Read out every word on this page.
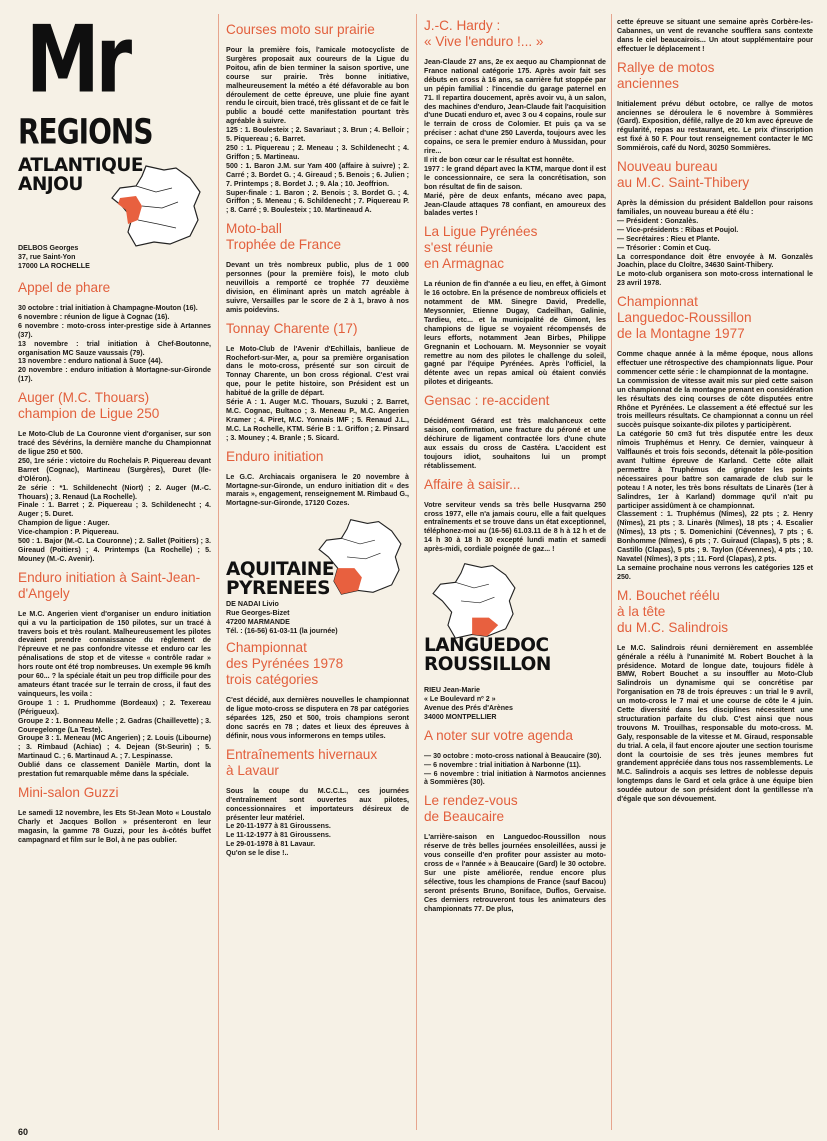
Mr
REGIONS
ATLANTIQUE
ANJOU
DELBOS Georges
37, rue Saint-Yon
17000 LA ROCHELLE
Appel de phare
30 octobre : trial initiation à Champagne-Mouton (16).
6 novembre : réunion de ligue à Cognac (16).
6 novembre : moto-cross inter-prestige side à Artannes (37).
13 novembre : trial initiation à Chef-Boutonne, organisation MC Sauze vaussais (79).
13 novembre : enduro national à Suce (44).
20 novembre : enduro initiation à Mortagne-sur-Gironde (17).
Auger (M.C. Thouars) champion de Ligue 250
Le Moto-Club de La Couronne vient d'organiser, sur son tracé des Sévérins, la dernière manche du Championnat de ligue 250 et 500.
250, 1re série : victoire du Rochelais P. Piquereau devant Barret (Cognac), Martineau (Surgères), Duret (Ile-d'Oléron).
2e série : *1. Schildenecht (Niort) ; 2. Auger (M.-C. Thouars) ; 3. Renaud (La Rochelle).
Finale : 1. Barret ; 2. Piquereau ; 3. Schildenecht ; 4. Auger ; 5. Duret.
Champion de ligue : Auger.
Vice-champion : P. Piquereau.
500 : 1. Bajor (M.-C. La Couronne) ; 2. Sallet (Poitiers) ; 3. Gireaud (Poitiers) ; 4. Printemps (La Rochelle) ; 5. Mouney (M.-C. Avenir).
Enduro initiation à Saint-Jean-d'Angely
Le M.C. Angerien vient d'organiser un enduro initiation qui a vu la participation de 150 pilotes, sur un tracé à travers bois et très roulant. Malheureusement les pilotes devaient prendre connaissance du règlement de l'épreuve et ne pas confondre vitesse et enduro car les pénalisations de stop et de vitesse « contrôle radar » hors route ont été trop nombreuses. Un exemple 96 km/h pour 60... ? la spéciale était un peu trop difficile pour des amateurs étant tracée sur le terrain de cross, il faut des vainqueurs, les voila :
Groupe 1 : 1. Prudhomme (Bordeaux) ; 2. Texereau (Périgueux).
Groupe 2 : 1. Bonneau Melle ; 2. Gadras (Chaillevette) ; 3. Couregelonge (La Teste).
Groupe 3 : 1. Meneau (MC Angerien) ; 2. Louis (Libourne) ; 3. Rimbaud (Achiac) ; 4. Dejean (St-Seurin) ; 5. Martinaud C. ; 6. Martinaud A. ; 7. Lespinasse.
Oublié dans ce classement Danièle Martin, dont la prestation fut remarquable même dans la spéciale.
Mini-salon Guzzi
Le samedi 12 novembre, les Ets St-Jean Moto « Loustalo Charly et Jacques Bollon » présenteront en leur magasin, la gamme 78 Guzzi, pour les à-côtés buffet campagnard et film sur le Bol, à ne pas oublier.
Courses moto sur prairie
Pour la première fois, l'amicale motocycliste de Surgères proposait aux coureurs de la Ligue du Poitou, afin de bien terminer la saison sportive, une course sur prairie. Très bonne initiative, malheureusement la météo a été défavorable au bon déroulement de cette épreuve, une pluie fine ayant rendu le circuit, bien tracé, très glissant et de ce fait le public a boudé cette manifestation pourtant très agréable à suivre.
125 : 1. Boulesteix ; 2. Savariaut ; 3. Brun ; 4. Belloir ; 5. Piquereau ; 6. Barret.
250 : 1. Piquereau ; 2. Meneau ; 3. Schildenecht ; 4. Griffon ; 5. Martineau.
500 : 1. Baron J.M. sur Yam 400 (affaire à suivre) ; 2. Carré ; 3. Bordet G. ; 4. Gireaud ; 5. Benois ; 6. Julien ; 7. Printemps ; 8. Bordet J. ; 9. Ala ; 10. Jeoffrion.
Super-finale : 1. Baron ; 2. Benois ; 3. Bordet G. ; 4. Griffon ; 5. Meneau ; 6. Schildenecht ; 7. Piquereau P. ; 8. Carré ; 9. Boulesteix ; 10. Martineaud A.
Moto-ball
Trophée de France
Devant un très nombreux public, plus de 1 000 personnes (pour la première fois), le moto club neuvillois a remporté ce trophée 77 deuxième division, en éliminant après un match agréable à suivre, Versailles par le score de 2 à 1, bravo à nos amis poidevins.
Tonnay Charente (17)
Le Moto-Club de l'Avenir d'Echillais, banlieue de Rochefort-sur-Mer, a, pour sa première organisation dans le moto-cross, présenté sur son circuit de Tonnay Charente, un bon cross régional. C'est vrai que, pour le petite histoire, son Président est un habitué de la grille de départ.
Série A : 1. Auger M.C. Thouars, Suzuki ; 2. Barret, M.C. Cognac, Bultaco ; 3. Meneau P., M.C. Angerien Kramer ; 4. Piret, M.C. Yonnais IMF ; 5. Renaud J.L., M.C. La Rochelle, KTM. Série B : 1. Griffon ; 2. Pinsard ; 3. Mouney ; 4. Branle ; 5. Sicard.
Enduro initiation
Le G.C. Archiacais organisera le 20 novembre à Mortagne-sur-Gironde, un enduro initiation dit « des marais », engagement, renseignement M. Rimbaud G., Mortagne-sur-Gironde, 17120 Cozes.
AQUITAINE
PYRENEES
DE NADAI Livio
Rue Georges-Bizet
47200 MARMANDE
Tél. : (16-56) 61-03-11 (la journée)
Championnat
des Pyrénées 1978
trois catégories
C'est décidé, aux dernières nouvelles le championnat de ligue moto-cross se disputera en 78 par catégories séparées 125, 250 et 500, trois champions seront donc sacrés en 78 ; dates et lieux des épreuves à définir, nous vous informerons en temps utiles.
Entraînements hivernaux
à Lavaur
Sous la coupe du M.C.C.L., ces journées d'entraînement sont ouvertes aux pilotes, concessionnaires et importateurs désireux de présenter leur matériel.
Le 20-11-1977 à 81 Giroussens.
Le 11-12-1977 à 81 Giroussens.
Le 29-01-1978 à 81 Lavaur.
Qu'on se le dise !..
J.-C. Hardy :
« Vive l'enduro !... »
Jean-Claude 27 ans, 2e ex aequo au Championnat de France national catégorie 175. Après avoir fait ses débuts en cross à 16 ans, sa carrière fut stoppée par un pépin familial : l'incendie du garage paternel en 71. Il repartira doucement, après avoir vu, à un salon, des machines d'enduro, Jean-Claude fait l'acquisition d'une Ducati enduro et, avec 3 ou 4 copains, roule sur le terrain de cross de Colomier. Et puis ça va se préciser : achat d'une 250 Laverda, toujours avec les copains, ce sera le premier enduro à Mussidan, pour rire...
Il rit de bon cœur car le résultat est honnête.
1977 : le grand départ avec la KTM, marque dont il est le concessionnaire, ce sera la concrétisation, son bon résultat de fin de saison.
Marié, père de deux enfants, mécano avec papa, Jean-Claude attaques 78 confiant, en amoureux des balades vertes !
La Ligue Pyrénées
s'est réunie
en Armagnac
La réunion de fin d'année a eu lieu, en effet, à Gimont le 16 octobre. En la présence de nombreux officiels et notamment de MM. Sinegre David, Predelle, Meysonnier, Etienne Dugay, Cadeilhan, Galinie, Tardieu, etc... et la municipalité de Gimont, les champions de ligue se voyaient récompensés de leurs efforts, notamment Jean Birbes, Philippe Gregnanin et Lochouarn. M. Meysonnier se voyait remettre au nom des pilotes le challenge du soleil, gagné par l'équipe Pyrénées. Après l'officiel, la détente avec un repas amical où étaient conviés pilotes et dirigeants.
Gensac : re-accident
Décidément Gérard est très malchanceux cette saison, confirmation, une fracture du péroné et une déchirure de ligament contractée lors d'une chute aux essais du cross de Castéra. L'accident est toujours idiot, souhaitons lui un prompt rétablissement.
Affaire à saisir...
Votre serviteur vends sa très belle Husqvarna 250 cross 1977, elle n'a jamais couru, elle a fait quelques entraînements et se trouve dans un état exceptionnel, téléphonez-moi au (16-56) 61.03.11 de 8 h à 12 h et de 14 h 30 à 18 h 30 excepté lundi matin et samedi après-midi, cordiale poignée de gaz... !
LANGUEDOC
ROUSSILLON
RIEU Jean-Marie
« Le Boulevard nº 2 »
Avenue des Prés d'Arènes
34000 MONTPELLIER
A noter sur votre agenda
— 30 octobre : moto-cross national à Beaucaire (30).
— 6 novembre : trial initiation à Narbonne (11).
— 6 novembre : trial initiation à Narmotos anciennes à Sommières (30).
Le rendez-vous
de Beaucaire
L'arrière-saison en Languedoc-Roussillon nous réserve de très belles journées ensoleillées, aussi je vous conseille d'en profiter pour assister au moto-cross de « l'année » à Beaucaire (Gard) le 30 octobre. Sur une piste améliorée, rendue encore plus sélective, tous les champions de France (sauf Bacou) seront présents Bruno, Boniface, Duflos, Gervaise. Ces derniers retrouveront tous les animateurs des championnats 77. De plus,
cette épreuve se situant une semaine après Corbère-les-Cabannes, un vent de revanche soufflera sans contexte dans le ciel beaucairois... Un atout supplémentaire pour effectuer le déplacement !
Rallye de motos
anciennes
Initialement prévu début octobre, ce rallye de motos anciennes se déroulera le 6 novembre à Sommières (Gard). Exposition, défilé, rallye de 20 km avec épreuve de régularité, repas au restaurant, etc. Le prix d'inscription est fixé à 50 F. Pour tout renseignement contacter le MC Sommiérois, café du Nord, 30250 Sommières.
Nouveau bureau
au M.C. Saint-Thibery
Après la démission du président Baldellon pour raisons familiales, un nouveau bureau a été élu :
— Président : Gonzalès.
— Vice-présidents : Ribas et Poujol.
— Secrétaires : Rieu et Plante.
— Trésorier : Comin et Cuq.
La correspondance doit être envoyée à M. Gonzalès Joachin, place du Cloître, 34630 Saint-Thibery.
Le moto-club organisera son moto-cross international le 23 avril 1978.
Championnat
Languedoc-Roussillon
de la Montagne 1977
Comme chaque année à la même époque, nous allons effectuer une rétrospective des championnats ligue. Pour commencer cette série : le championnat de la montagne.
La commission de vitesse avait mis sur pied cette saison un championnat de la montagne prenant en considération les résultats des cinq courses de côte disputées entre Rhône et Pyrénées. Le classement a été effectué sur les trois meilleurs résultats. Ce championnat a connu un réel succès puisque soixante-dix pilotes y participèrent.
La catégorie 50 cm3 fut très disputée entre les deux nîmois Truphémus et Henry. Ce dernier, vainqueur à Valflaunés et trois fois seconds, détenait la pôle-position avant l'ultime épreuve de Karland. Cette côte allait permettre à Truphémus de grignoter les points nécessaires pour battre son camarade de club sur le poteau ! A noter, les très bons résultats de Linarès (1er à Salindres, 1er à Karland) dommage qu'il n'ait pu participer assidûment à ce championnat.
Classement : 1. Truphémus (Nîmes), 22 pts ; 2. Henry (Nîmes), 21 pts ; 3. Linarès (Nîmes), 18 pts ; 4. Escalier (Nîmes), 13 pts ; 5. Domenichini (Cévennes), 7 pts ; 6. Bonhomme (Nîmes), 6 pts ; 7. Guiraud (Clapas), 5 pts ; 8. Castillo (Clapas), 5 pts ; 9. Taylon (Cévennes), 4 pts ; 10. Navatel (Nîmes), 3 pts ; 11. Ford (Clapas), 2 pts.
La semaine prochaine nous verrons les catégories 125 et 250.
M. Bouchet réélu
à la tête
du M.C. Salindrois
Le M.C. Salindrois réuni dernièrement en assemblée générale a réélu à l'unanimité M. Robert Bouchet à la présidence. Motard de longue date, toujours fidèle à BMW, Robert Bouchet a su insouffler au Moto-Club Salindrois un dynamisme qui se concrétise par l'organisation en 78 de trois épreuves : un trial le 9 avril, un moto-cross le 7 mai et une course de côte le 4 juin. Cette diversité dans les disciplines nécessitent une structuration parfaite du club. C'est ainsi que nous trouvons M. Trouilhas, responsable du moto-cross. M. Galy, responsable de la vitesse et M. Giraud, responsable du trial. A cela, il faut encore ajouter une section tourisme dont la courtoisie de ses très jeunes membres fut grandement appréciée dans tous nos rassemblements. Le M.C. Salindrois a acquis ses lettres de noblesse depuis longtemps dans le Gard et cela grâce à une équipe bien soudée autour de son président dont la gentillesse n'a d'égale que son dévouement.
60
